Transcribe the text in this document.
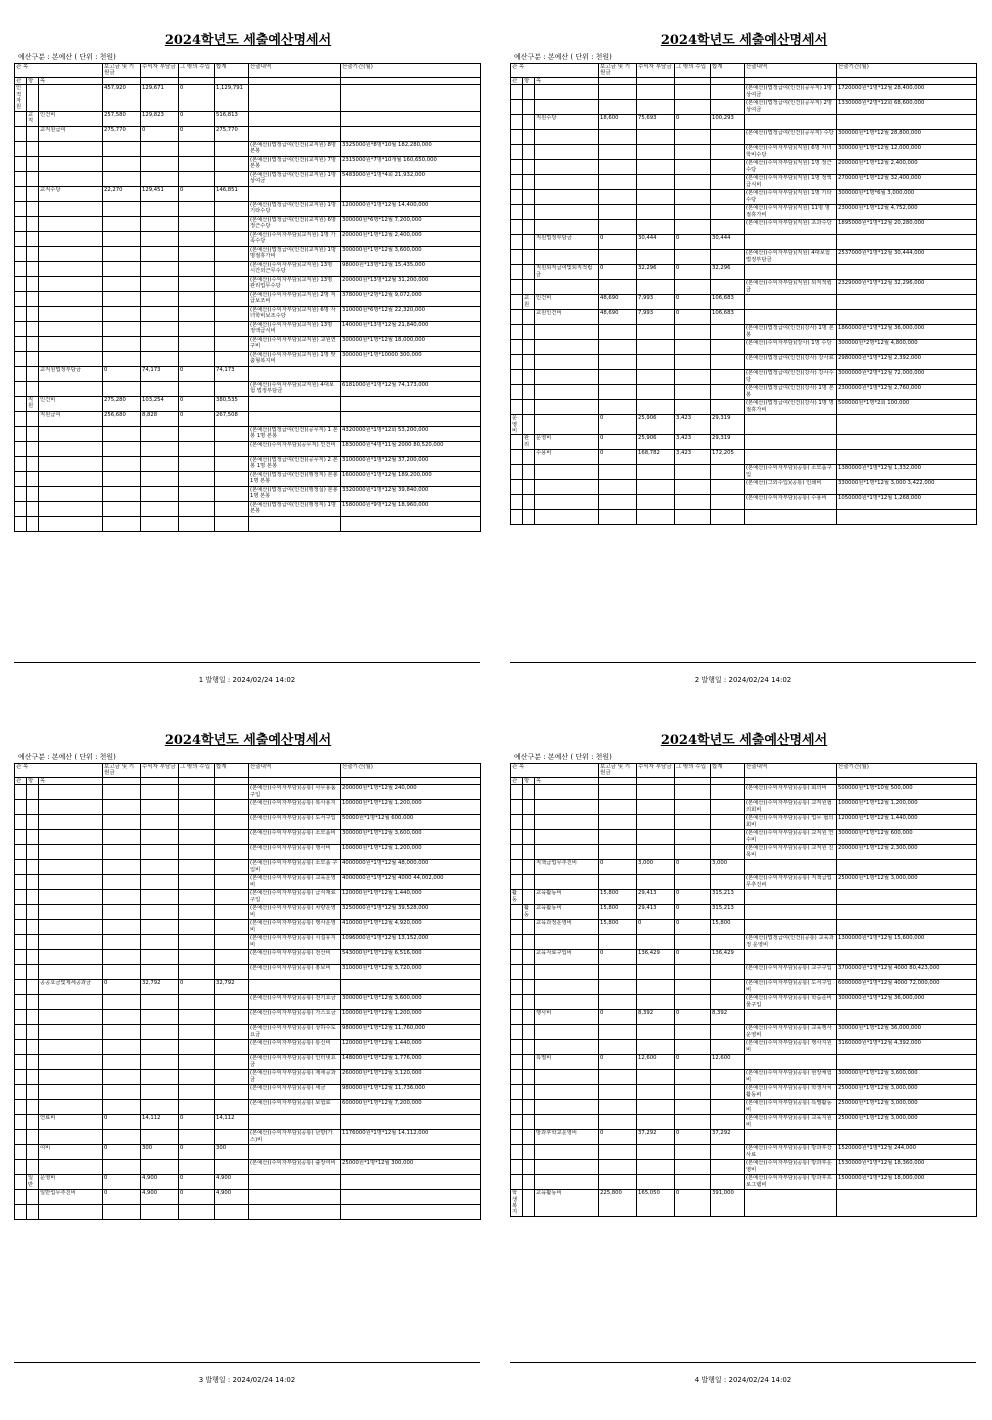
2024학년도 세출예산명세서
예산구분 : 본예산 ( 단위 : 천원)
관 목			보고금 및 기원금	수익자 부담금	그 밖의 수입	합계	산출내역	산출기간(월)
관	항	목						
인적자원			457,920	129,671	0	1,129,791		
	교직	인건비	257,580	129,823	0	516,813		
		교직원급여	275,770	0	0	275,770		
							(본예산)(법정급여(인건)(교직원) 8명 본봉	3325000원*8명*10월 182,280,000
							(본예산)(법정급여(인건)(교직원) 7명 본봉	2315000원*7명*10개월 160,650,000
							(본예산)(법정급여(인건)(교직원) 1명 상여금	5483000원*1명*4회 21,932,000
		교직수당	22,270	129,451	0	146,851		
							(본예산)(법정급여(인건)(교직원) 1명 기타수당	1200000원*1명*12월 14,400,000
							(본예산)(법정급여(인건)(교직원) 6명 정근수당	300000원*6명*12월 7,200,000
							(본예산)(수익자부담)(교직원) 1명 가족수당	200000원*1명*12월 2,400,000
							(본예산)(법정급여(인건)(교직원) 1명 명절휴가비	300000원*1명*12월 3,600,000
							(본예산)(수익자부담)(교직원) 13명 시간외근무수당	98000원*13명*12월 15,435,000
							(본예산)(수익자부담)(교직원) 13명 관리업무수당	200000원*13명*12월 31,200,000
							(본예산)(수익자부담)(교직원) 2명 직급보조비	378000원*2명*12월 9,072,000
							(본예산)(수익자부담)(교직원) 6명 자녀학비보조수당	310000원*6명*12월 22,320,000
							(본예산)(수익자부담)(교직원) 13명 정액급식비	140000원*13명*12월 21,840,000
							(본예산)(수익자부담)(교직원) 교원연구비	300000원*1명*12월 18,000,000
							(본예산)(수익자부담)(교직원) 1명 맞춤형복지비	300000원*1명*10000 300,000
		교직원법정부담금	0	74,173	0	74,173		
							(본예산)(수익자부담)(교직원) 4대보험 법정부담금	6181000원*1명*12월 74,173,000
	직원	인건비	275,280	103,254	0	380,535		
		직원급여	256,680	8,828	0	267,508		
							(본예산)(법정급여(인건)(공무직) 1 본봉 1명 본봉	4320000원*1명*12회 53,200,000
							(본예산)(수익자부담)(공무직) 인건비	1830000원*4명*11월 2000 80,520,000
							(본예산)(법정급여(인건)(공무직) 2 본봉 1명 본봉	3100000원*1명*12월 37,200,000
							(본예산)(법정급여(인건)(행정직) 본봉 1명 본봉	1600000원*1명*12월 189,200,000
							(본예산)(법정급여(인건)(행정실) 본봉 1명 본봉	3320000원*1명*12월 39,840,000
							(본예산)(법정급여(인건)(행정직) 1명 본봉	1580000원*9명*12월 18,960,000

1 발행일 : 2024/02/24 14:02
2024학년도 세출예산명세서
예산구분 : 본예산 ( 단위 : 천원)
관 목			보고금 및 기원금	수익자 부담금	그 밖의 수입	합계	산출내역	산출기간(월)
관	항	목						
							(본예산)(법정급여(인건)(공무직) 1명 상여금	1720000원*1명*12월 28,400,000
							(본예산)(법정급여(인건)(공무직) 2명 상여금	1330000원*2명*12회 68,600,000
		직원수당	18,600	75,693	0	100,293		
							(본예산)(법정급여(인건)(공무직) 수당	300000원*1명*12월 28,800,000
							(본예산)(수익자부담)(직원) 6명 자녀학비수당	300000원*1명*12월 12,000,000
							(본예산)(수익자부담)(직원) 1명 정근수당	200000원*1명*12월 2,400,000
							(본예산)(수익자부담)(직원) 1명 정액급식비	270000원*1명*12월 32,400,000
							(본예산)(수익자부담)(직원) 1명 기타수당	300000원*1명*6월 3,000,000
							(본예산)(수익자부담)(직원) 11명 명절휴가비	230000원*1명*12월 4,752,000
							(본예산)(수익자부담)(직원) 초과수당	1895000원*1명*12월 20,280,000
		직원법정부담금	0	30,444	0	30,444		
							(본예산)(수익자부담)(직원) 4대보험 법정부담금	2537000원*1명*12월 30,444,000
		직원퇴직급여및퇴직적립금	0	32,296	0	32,296		
							(본예산)(수익자부담)(직원) 퇴직적립금	2329000원*1명*12월 32,296,000
	교원	인건비	48,690	7,993	0	106,683		
		교원인건비	48,690	7,993	0	106,683		
							(본예산)(법정급여(인건)(강사) 1명 본봉	1860000원*1명*12월 36,000,000
							(본예산)(수익자부담)(강사) 1명 수당	300000원*2명*12월 4,800,000
							(본예산)(법정급여(인건)(강사) 강사료	2980000원*1명*12월 2,392,000
							(본예산)(법정급여(인건)(강사) 강사수당	3000000원*2명*12월 72,000,000
							(본예산)(법정급여(인건)(강사) 1명 본봉	2300000원*1명*12월 2,760,000
							(본예산)(법정급여(인건)(강사) 1명 명절휴가비	500000원*1명*2회 100,000
운영비			0	25,906	3,423	29,319		
	관리	운영비	0	25,906	3,423	29,319		
		수용비	0	168,782	3,423	172,205		
							(본예산)(수익자부담)(공통) 소모품구입	1380000원*1명*12월 1,332,000
							(본예산)(그외수입)(공통) 인쇄비	330000원*1명*12월 3,000 3,422,000
							(본예산)(수익자부담)(공통) 수용비	1050000원*1명*12월 1,268,000

2 발행일 : 2024/02/24 14:02
2024학년도 세출예산명세서
예산구분 : 본예산 ( 단위 : 천원)
관 목			보고금 및 기원금	수익자 부담금	그 밖의 수입	합계	산출내역	산출기간(월)
관	항	목						
							(본예산)(수익자부담)(공통) 사무용품 구입	200000원*1명*12월 240,000
							(본예산)(수익자부담)(공통) 복사용지	100000원*1명*12월 1,200,000
							(본예산)(수익자부담)(공통) 도서구입	50000원*1명*12월 600,000
							(본예산)(수익자부담)(공통) 소모품비	300000원*1명*12월 3,600,000
							(본예산)(수익자부담)(공통) 행사비	100000원*1명*12월 1,200,000
							(본예산)(수익자부담)(공통) 소모품 구입비	4000000원*1명*12월 48,000,000
							(본예산)(수익자부담)(공통) 교육운영비	4000000원*1명*12월 4000 44,002,000
							(본예산)(수익자부담)(공통) 급식재료구입	120000원*1명*12월 1,440,000
							(본예산)(수익자부담)(공통) 차량운영비	3250000원*1명*12월 39,528,000
							(본예산)(수익자부담)(공통) 행사운영비	410000원*1명*12월 4,920,000
							(본예산)(수익자부담)(공통) 시설유지비	1096000원*1명*12월 13,152,000
							(본예산)(수익자부담)(공통) 전산비	543000원*1명*12월 6,516,000
							(본예산)(수익자부담)(공통) 홍보비	310000원*1명*12월 3,720,000
		공공요금및제세공과금	0	32,792	0	32,792		
							(본예산)(수익자부담)(공통) 전기요금	300000원*1명*12월 3,600,000
							(본예산)(수익자부담)(공통) 가스요금	100000원*1명*12월 1,200,000
							(본예산)(수익자부담)(공통) 상하수도요금	980000원*1명*12월 11,760,000
							(본예산)(수익자부담)(공통) 통신비	120000원*1명*12월 1,440,000
							(본예산)(수익자부담)(공통) 인터넷요금	148000원*1명*12월 1,776,000
							(본예산)(수익자부담)(공통) 제세공과금	260000원*1명*12월 3,120,000
							(본예산)(수익자부담)(공통) 세금	980000원*1명*12월 11,736,000
							(본예산)(수익자부담)(공통) 보험료	600000원*1명*12월 7,200,000
		연료비	0	14,112	0	14,112		
							(본예산)(수익자부담)(공통) 난방(가스)비	1176000원*1명*12월 14,112,000
		여비	0	300	0	300		
							(본예산)(수익자부담)(공통) 출장여비	25000원*1명*12월 300,000
	일반	운영비	0	4,900	0	4,900		
		일반업무추진비	0	4,900	0	4,900		

3 발행일 : 2024/02/24 14:02
2024학년도 세출예산명세서
예산구분 : 본예산 ( 단위 : 천원)
관 목			보고금 및 기원금	수익자 부담금	그 밖의 수입	합계	산출내역	산출기간(월)
관	항	목						
							(본예산)(수익자부담)(공통) 회의비	500000원*1명*10월 500,000
							(본예산)(수익자부담)(공통) 교직원협의회비	100000원*1명*12월 1,200,000
							(본예산)(수익자부담)(공통) 업무 협의회비	120000원*1명*12월 1,440,000
							(본예산)(수익자부담)(공통) 교직원 연수비	300000원*1명*12월 600,000
							(본예산)(수익자부담)(공통) 교직원 친목비	200000원*1명*12월 2,300,000
		직책급업무추진비	0	3,000	0	3,000		
							(본예산)(수익자부담)(공통) 직책급업무추진비	250000원*1명*12월 3,000,000
활동		교육활동비	15,800	29,413	0	315,213		
	활동	교육활동비	15,800	29,413	0	315,213		
		교육과정운영비	15,800	0	0	15,800		
							(본예산)(법정급여(인건)(공통) 교육과정 운영비	1300000원*1명*12월 15,600,000
		교육자료구입비	0	136,429	0	136,429		
							(본예산)(수익자부담)(공통) 교구구입	3700000원*1명*12월 4000 80,423,000
							(본예산)(수익자부담)(공통) 도서구입비	6000000원*1명*12월 4000 72,000,000
							(본예산)(수익자부담)(공통) 학습준비물구입	3000000원*1명*12월 36,000,000
		행사비	0	8,392	0	8,392		
							(본예산)(수익자부담)(공통) 교육행사운영비	300000원*1명*12월 36,000,000
							(본예산)(수익자부담)(공통) 행사지원비	3160000원*1명*12월 4,392,000
		특별비	0	12,600	0	12,600		
							(본예산)(수익자부담)(공통) 현장체험비	300000원*1명*12월 3,600,000
							(본예산)(수익자부담)(공통) 학생자치활동비	250000원*1명*12월 3,000,000
							(본예산)(수익자부담)(공통) 특별활동비	250000원*1명*12월 3,000,000
							(본예산)(수익자부담)(공통) 교육지원비	250000원*1명*12월 3,000,000
		방과후학교운영비	0	37,292	0	37,292		
							(본예산)(수익자부담)(공통) 방과후강사료	1520000원*1명*12월 244,000
							(본예산)(수익자부담)(공통) 방과후운영비	1530000원*1명*12월 18,360,000
							(본예산)(수익자부담)(공통) 방과후프로그램비	1500000원*1명*12월 18,000,000
학생복지		교육활동비	225,800	165,050	0	391,000		
4 발행일 : 2024/02/24 14:02
